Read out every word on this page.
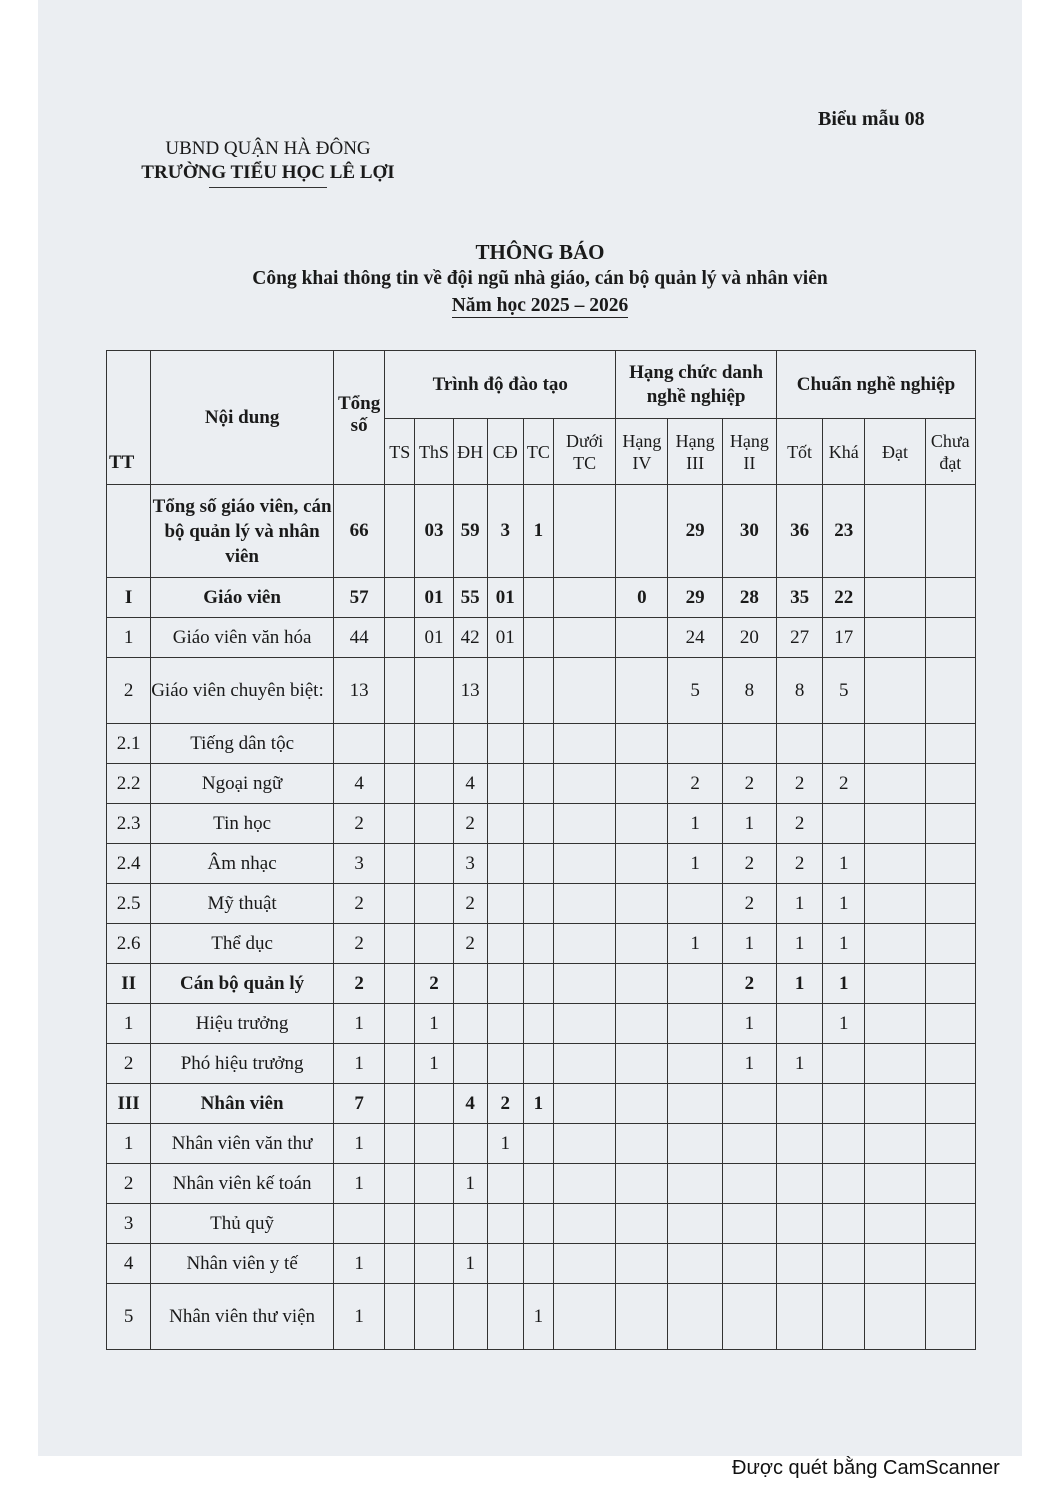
Biểu mẫu 08
UBND QUẬN HÀ ĐÔNG
TRƯỜNG TIỂU HỌC LÊ LỢI
THÔNG BÁO
Công khai thông tin về đội ngũ nhà giáo, cán bộ quản lý và nhân viên
Năm học 2025 – 2026
TT	Nội dung	Tổng số	Trình độ đào tạo						Hạng chức danh nghề nghiệp			Chuẩn nghề nghiệp			
			TS	ThS	ĐH	CĐ	TC	Dưới TC	Hạng IV	Hạng III	Hạng II	Tốt	Khá	Đạt	Chưa đạt
	Tổng số giáo viên, cán bộ quản lý và nhân viên	66		03	59	3	1			29	30	36	23		
I	Giáo viên	57		01	55	01			0	29	28	35	22		
1	Giáo viên văn hóa	44		01	42	01				24	20	27	17		
2	Giáo viên chuyên biệt:	13			13					5	8	8	5		
2.1	Tiếng dân tộc														
2.2	Ngoại ngữ	4			4					2	2	2	2		
2.3	Tin học	2			2					1	1	2			
2.4	Âm nhạc	3			3					1	2	2	1		
2.5	Mỹ thuật	2			2						2	1	1		
2.6	Thể dục	2			2					1	1	1	1		
II	Cán bộ quản lý	2		2							2	1	1		
1	Hiệu trưởng	1		1							1		1		
2	Phó hiệu trưởng	1		1							1	1			
III	Nhân viên	7			4	2	1								
1	Nhân viên văn thư	1				1									
2	Nhân viên kế toán	1			1										
3	Thủ quỹ														
4	Nhân viên y tế	1			1										
5	Nhân viên thư viện	1					1								
Được quét bằng CamScanner
